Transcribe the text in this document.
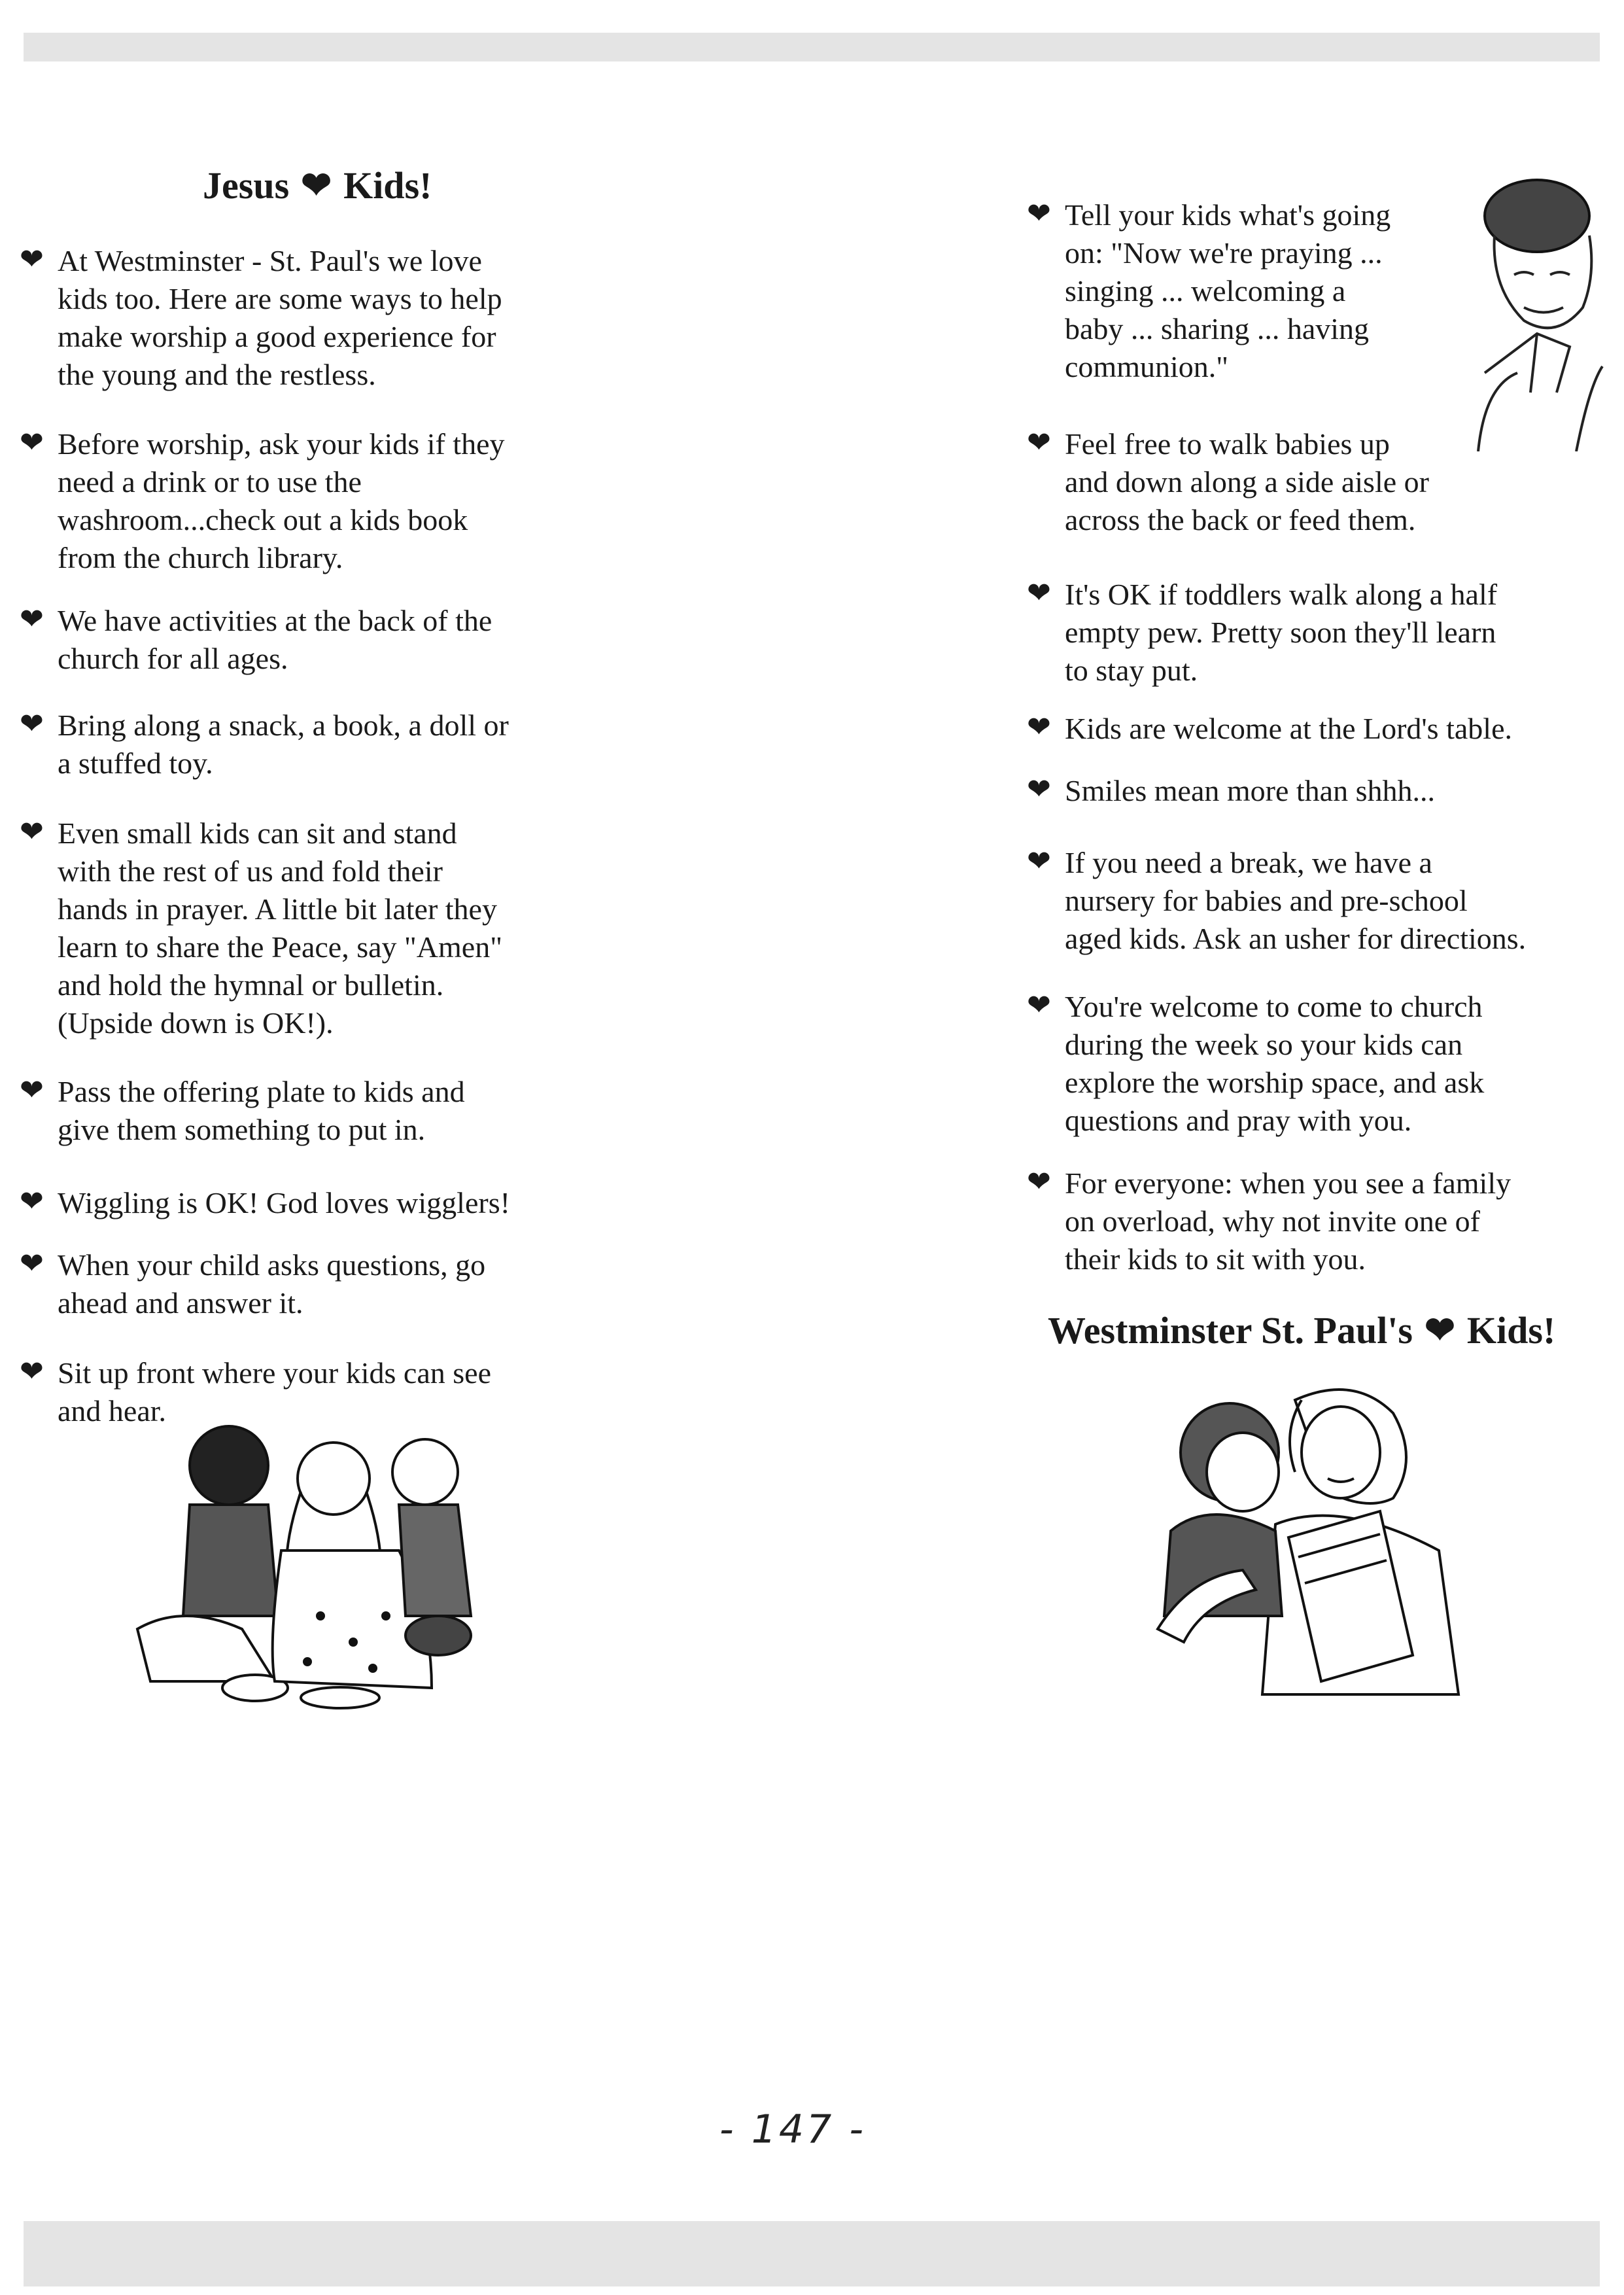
Jesus ❤ Kids!
❤ At Westminster - St. Paul's we love
kids too. Here are some ways to help
make worship a good experience for
the young and the restless.
❤ Before worship, ask your kids if they
need a drink or to use the
washroom...check out a kids book
from the church library.
❤ We have activities at the back of the
church for all ages.
❤ Bring along a snack, a book, a doll or
a stuffed toy.
❤ Even small kids can sit and stand
with the rest of us and fold their
hands in prayer. A little bit later they
learn to share the Peace, say "Amen"
and hold the hymnal or bulletin.
(Upside down is OK!).
❤ Pass the offering plate to kids and
give them something to put in.
❤ Wiggling is OK! God loves wigglers!
❤ When your child asks questions, go
ahead and answer it.
❤ Sit up front where your kids can see
and hear.
❤ Tell your kids what's going
on: "Now we're praying ...
singing ... welcoming a
baby ... sharing ... having
communion."
❤ Feel free to walk babies up
and down along a side aisle or
across the back or feed them.
❤ It's OK if toddlers walk along a half
empty pew. Pretty soon they'll learn
to stay put.
❤ Kids are welcome at the Lord's table.
❤ Smiles mean more than shhh...
❤ If you need a break, we have a
nursery for babies and pre-school
aged kids. Ask an usher for directions.
❤ You're welcome to come to church
during the week so your kids can
explore the worship space, and ask
questions and pray with you.
❤ For everyone: when you see a family
on overload, why not invite one of
their kids to sit with you.
Westminster St. Paul's ❤ Kids!
- 147 -
